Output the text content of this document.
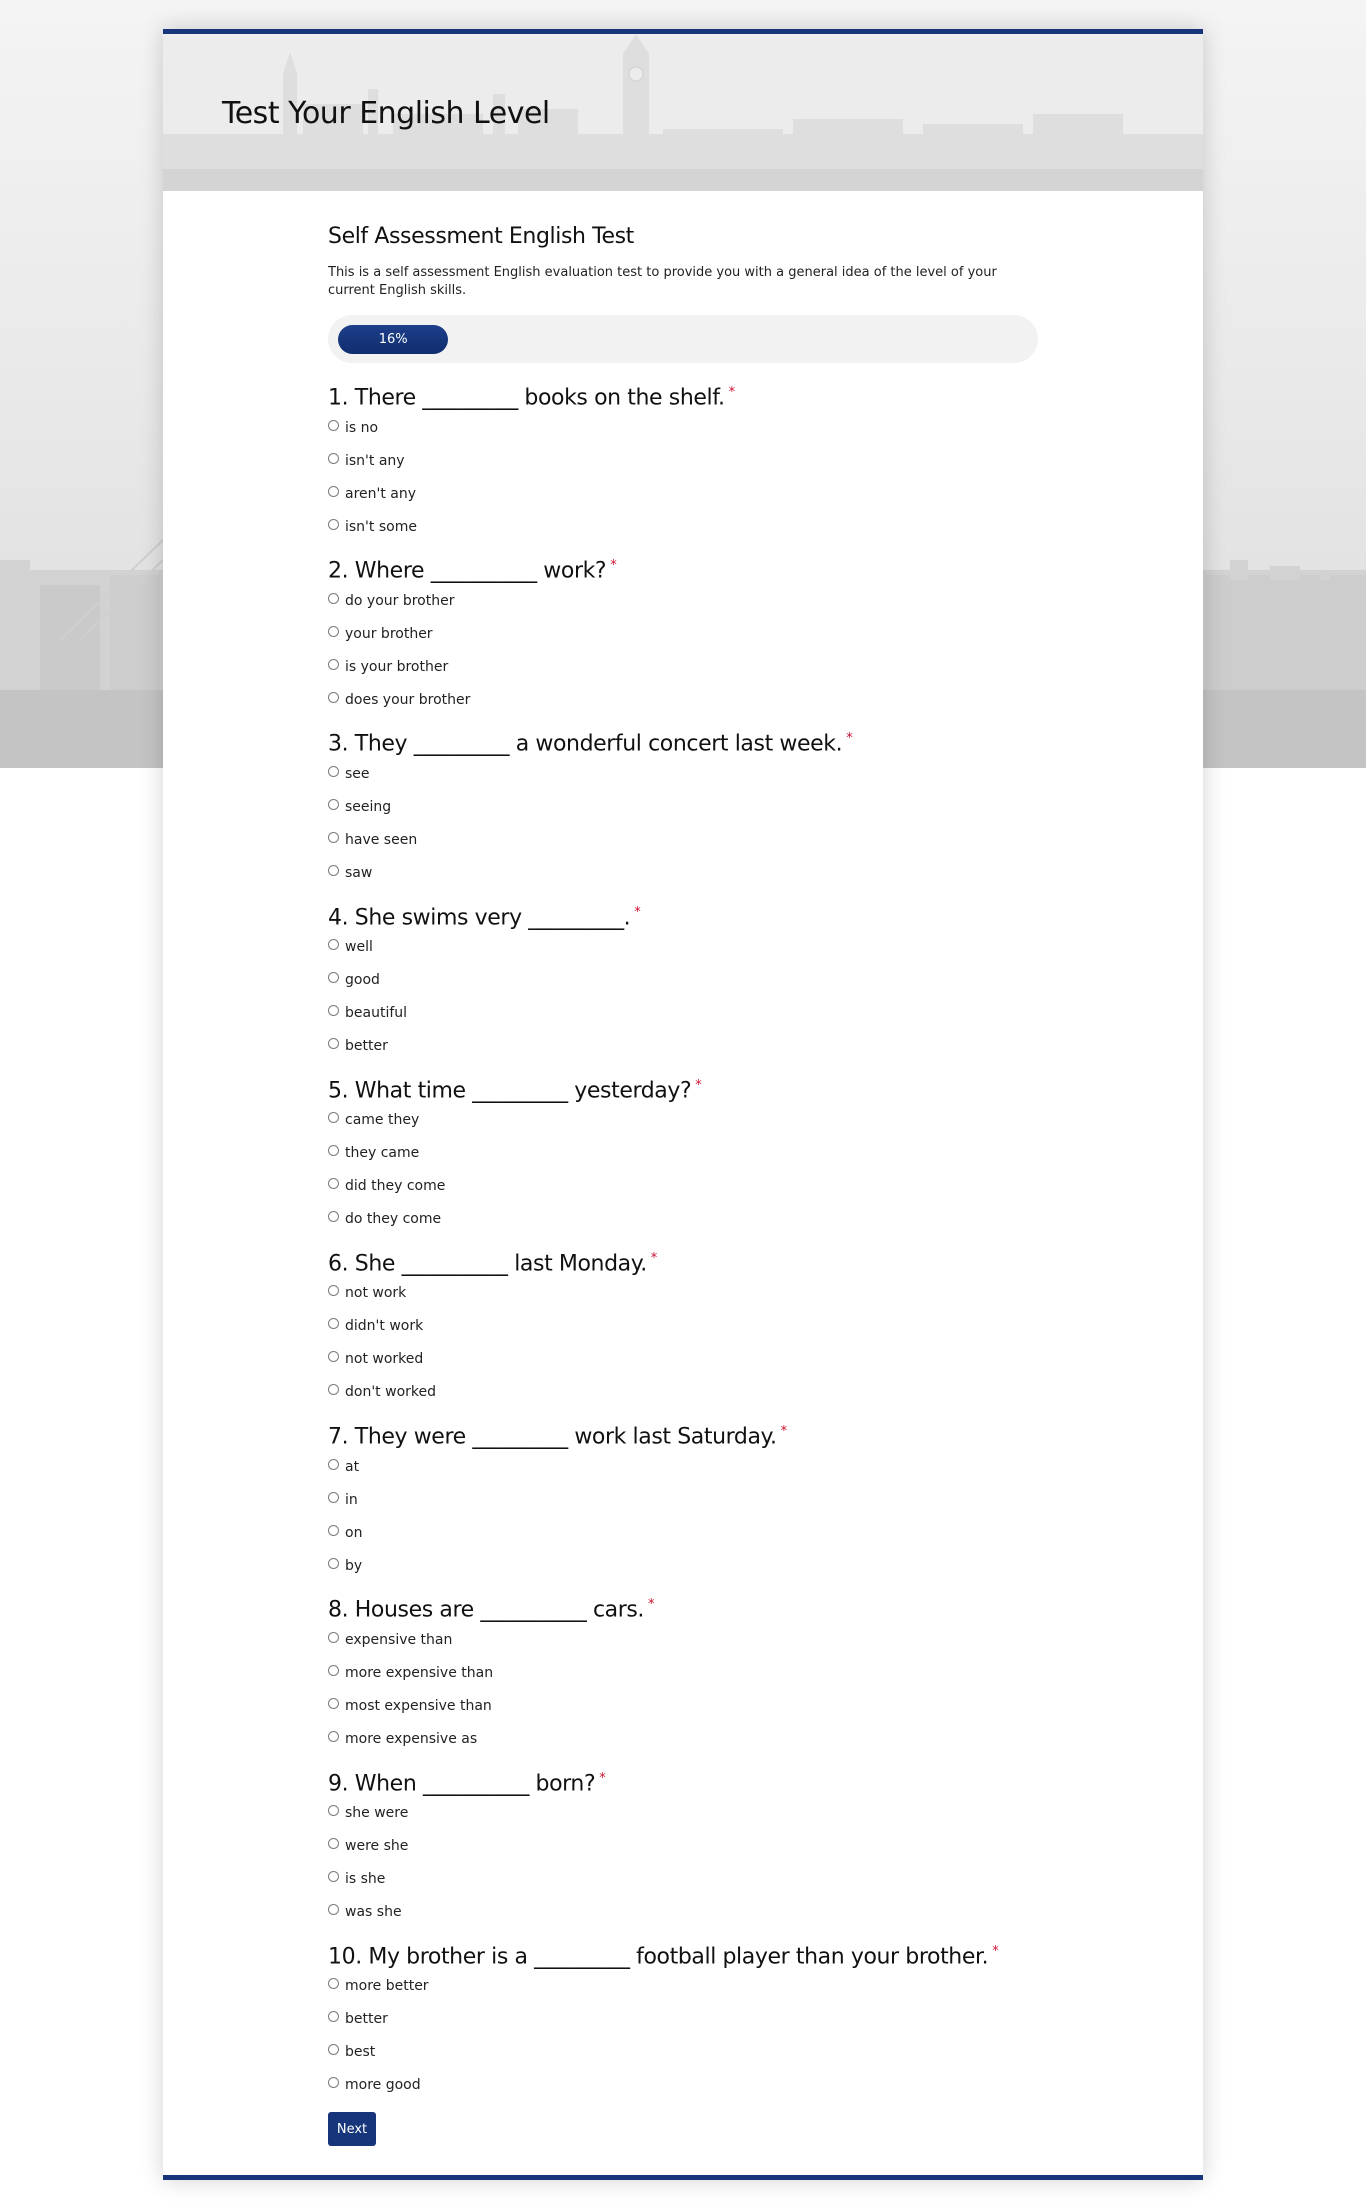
Test Your English Level
Self Assessment English Test

This is a self assessment English evaluation test to provide you with a general idea of the level of your current English skills.

16%
1. There _________ books on the shelf. *
is no
isn't any
aren't any
isn't some
2. Where __________ work? *
do your brother
your brother
is your brother
does your brother
3. They _________ a wonderful concert last week. *
see
seeing
have seen
saw
4. She swims very _________. *
well
good
beautiful
better
5. What time _________ yesterday? *
came they
they came
did they come
do they come
6. She __________ last Monday. *
not work
didn't work
not worked
don't worked
7. They were _________ work last Saturday. *
at
in
on
by
8. Houses are __________ cars. *
expensive than
more expensive than
most expensive than
more expensive as
9. When __________ born? *
she were
were she
is she
was she
10. My brother is a _________ football player than your brother. *
more better
better
best
more good
Next
